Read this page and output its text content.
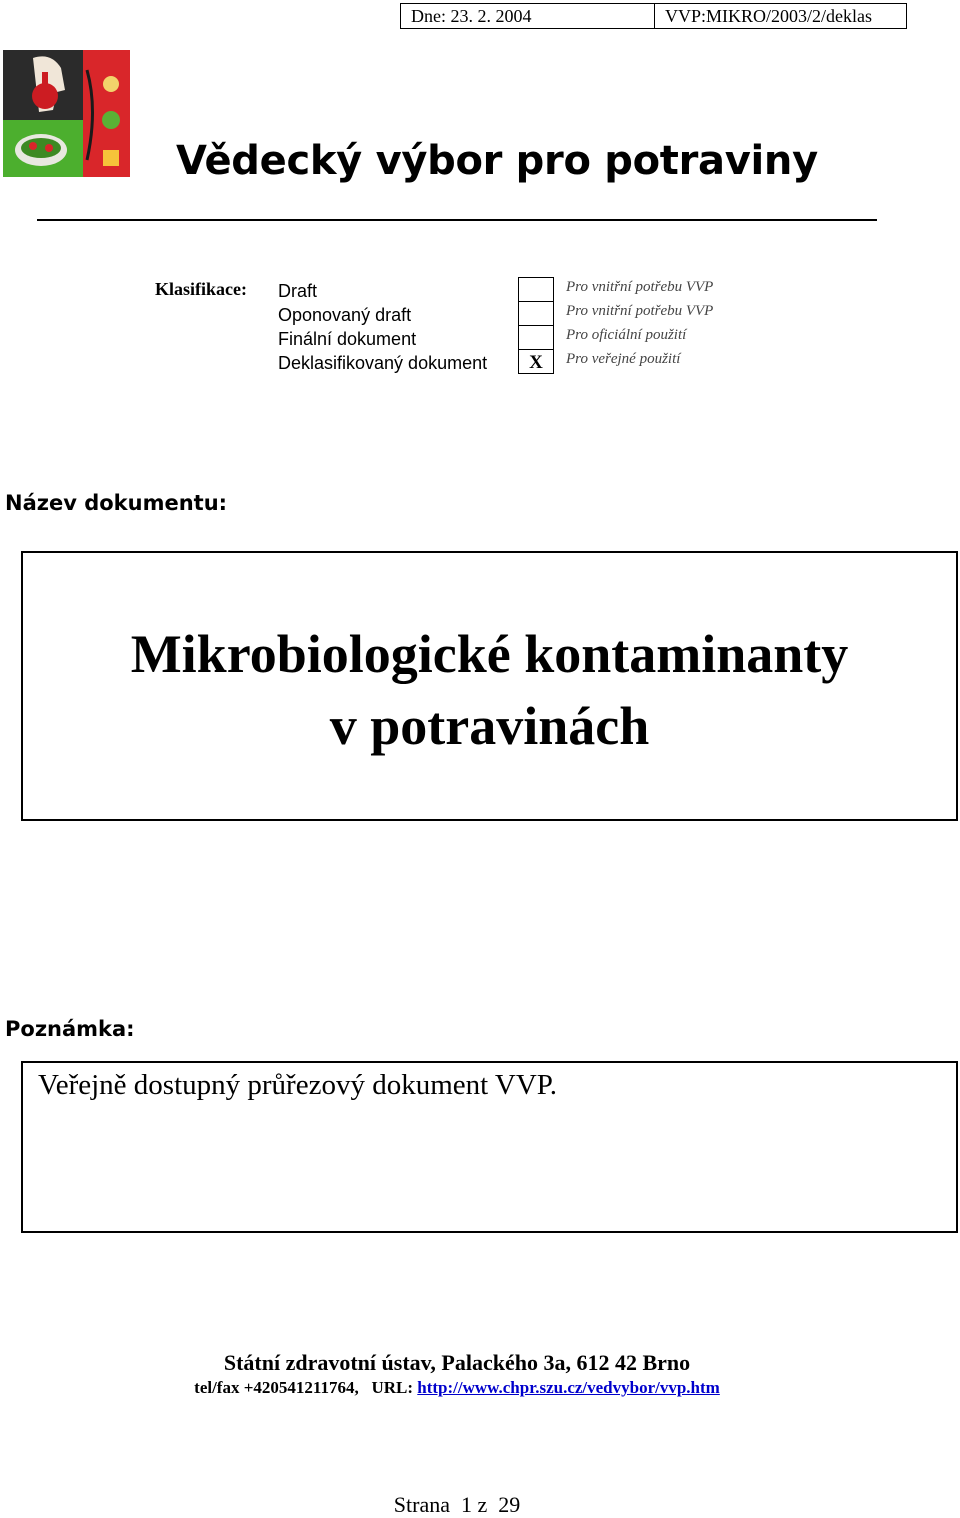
Dne: 23. 2. 2004	VVP:MIKRO/2003/2/deklas
Vědecký výbor pro potraviny
Klasifikace: Draft
Oponovaný draft
Finální dokument
Deklasifikovaný dokument	X
Pro vnitřní potřebu VVP
Pro vnitřní potřebu VVP
Pro oficiální použití
Pro veřejné použití
Název dokumentu:
Mikrobiologické kontaminanty
v potravinách
Poznámka:
Veřejně dostupný průřezový dokument VVP.
Státní zdravotní ústav, Palackého 3a, 612 42 Brno
tel/fax +420541211764,   URL: http://www.chpr.szu.cz/vedvybor/vvp.htm
Strana  1 z  29
